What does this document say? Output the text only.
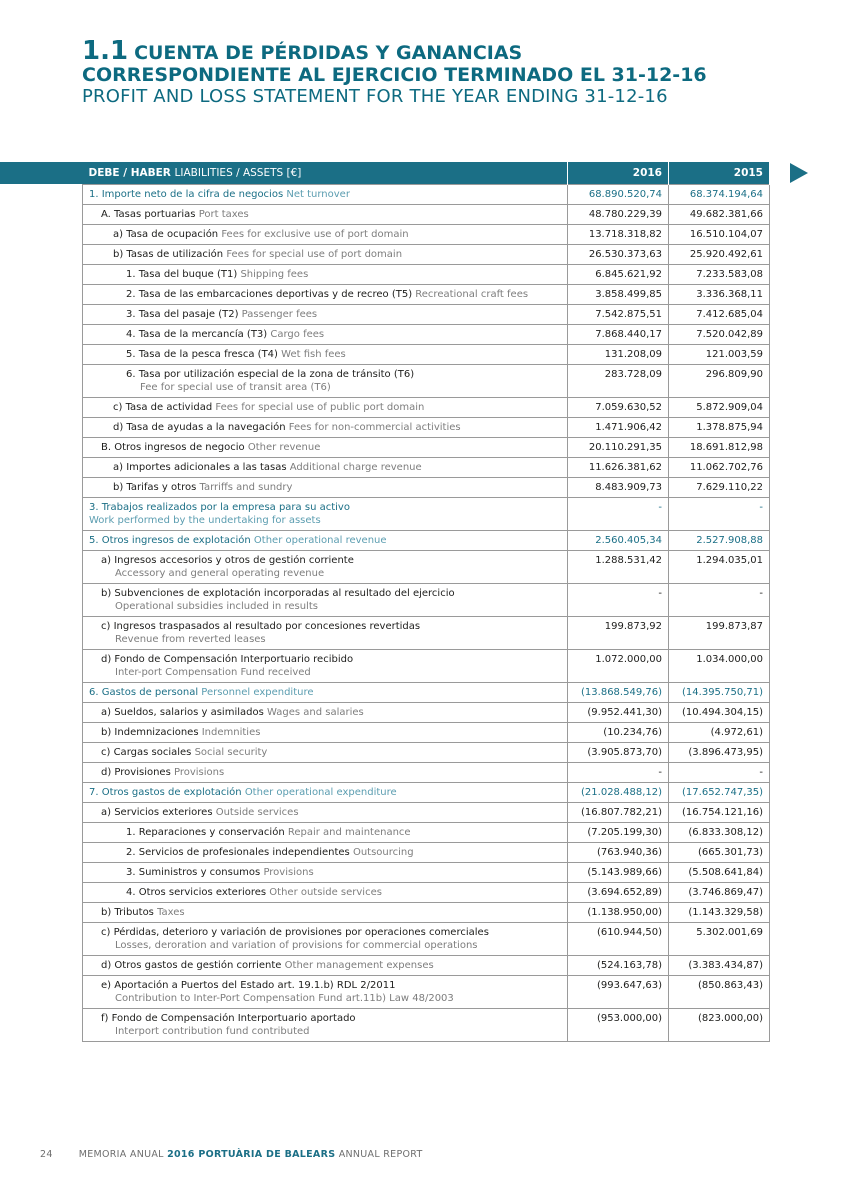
1.1 CUENTA DE PÉRDIDAS Y GANANCIAS
CORRESPONDIENTE AL EJERCICIO TERMINADO EL 31-12-16
PROFIT AND LOSS STATEMENT FOR THE YEAR ENDING 31-12-16
DEBE / HABER LIABILITIES / ASSETS [€]	2016	2015
1. Importe neto de la cifra de negocios Net turnover	68.890.520,74	68.374.194,64
A. Tasas portuarias Port taxes	48.780.229,39	49.682.381,66
a) Tasa de ocupación Fees for exclusive use of port domain	13.718.318,82	16.510.104,07
b) Tasas de utilización Fees for special use of port domain	26.530.373,63	25.920.492,61
1. Tasa del buque (T1) Shipping fees	6.845.621,92	7.233.583,08
2. Tasa de las embarcaciones deportivas y de recreo (T5) Recreational craft fees	3.858.499,85	3.336.368,11
3. Tasa del pasaje (T2) Passenger fees	7.542.875,51	7.412.685,04
4. Tasa de la mercancía (T3) Cargo fees	7.868.440,17	7.520.042,89
5. Tasa de la pesca fresca (T4) Wet fish fees	131.208,09	121.003,59
6. Tasa por utilización especial de la zona de tránsito (T6)
Fee for special use of transit area (T6)	283.728,09	296.809,90
c) Tasa de actividad Fees for special use of public port domain	7.059.630,52	5.872.909,04
d) Tasa de ayudas a la navegación Fees for non-commercial activities	1.471.906,42	1.378.875,94
B. Otros ingresos de negocio Other revenue	20.110.291,35	18.691.812,98
a) Importes adicionales a las tasas Additional charge revenue	11.626.381,62	11.062.702,76
b) Tarifas y otros Tarriffs and sundry	8.483.909,73	7.629.110,22
3. Trabajos realizados por la empresa para su activo
Work performed by the undertaking for assets	-	-
5. Otros ingresos de explotación Other operational revenue	2.560.405,34	2.527.908,88
a) Ingresos accesorios y otros de gestión corriente
Accessory and general operating revenue	1.288.531,42	1.294.035,01
b) Subvenciones de explotación incorporadas al resultado del ejercicio
Operational subsidies included in results	-	-
c) Ingresos traspasados al resultado por concesiones revertidas
Revenue from reverted leases	199.873,92	199.873,87
d) Fondo de Compensación Interportuario recibido
Inter-port Compensation Fund received	1.072.000,00	1.034.000,00
6. Gastos de personal Personnel expenditure	(13.868.549,76)	(14.395.750,71)
a) Sueldos, salarios y asimilados Wages and salaries	(9.952.441,30)	(10.494.304,15)
b) Indemnizaciones Indemnities	(10.234,76)	(4.972,61)
c) Cargas sociales Social security	(3.905.873,70)	(3.896.473,95)
d) Provisiones Provisions	-	-
7. Otros gastos de explotación Other operational expenditure	(21.028.488,12)	(17.652.747,35)
a) Servicios exteriores Outside services	(16.807.782,21)	(16.754.121,16)
1. Reparaciones y conservación Repair and maintenance	(7.205.199,30)	(6.833.308,12)
2. Servicios de profesionales independientes Outsourcing	(763.940,36)	(665.301,73)
3. Suministros y consumos Provisions	(5.143.989,66)	(5.508.641,84)
4. Otros servicios exteriores Other outside services	(3.694.652,89)	(3.746.869,47)
b) Tributos Taxes	(1.138.950,00)	(1.143.329,58)
c) Pérdidas, deterioro y variación de provisiones por operaciones comerciales
Losses, deroration and variation of provisions for commercial operations	(610.944,50)	5.302.001,69
d) Otros gastos de gestión corriente Other management expenses	(524.163,78)	(3.383.434,87)
e) Aportación a Puertos del Estado art. 19.1.b) RDL 2/2011
Contribution to Inter-Port Compensation Fund art.11b) Law 48/2003	(993.647,63)	(850.863,43)
f) Fondo de Compensación Interportuario aportado
Interport contribution fund contributed	(953.000,00)	(823.000,00)
24	MEMORIA ANUAL 2016 PORTUÀRIA DE BALEARS ANNUAL REPORT
